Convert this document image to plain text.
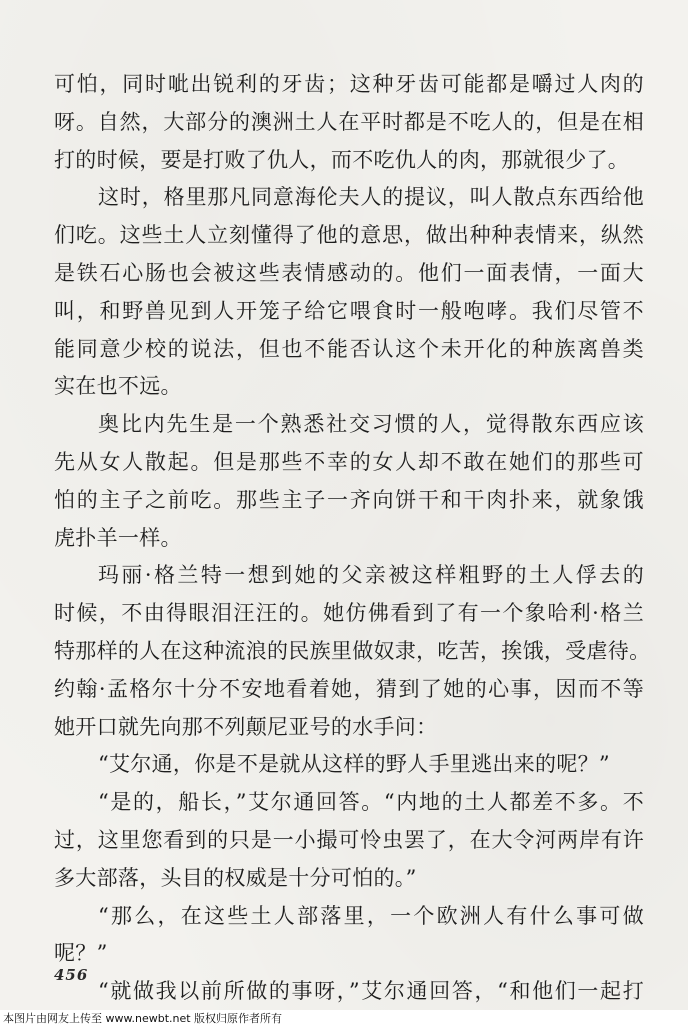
可怕，同时呲出锐利的牙齿；这种牙齿可能都是嚼过人肉的
呀。自然，大部分的澳洲土人在平时都是不吃人的，但是在相
打的时候，要是打败了仇人，而不吃仇人的肉，那就很少了。
这时，格里那凡同意海伦夫人的提议，叫人散点东西给他
们吃。这些土人立刻懂得了他的意思，做出种种表情来，纵然
是铁石心肠也会被这些表情感动的。他们一面表情，一面大
叫，和野兽见到人开笼子给它喂食时一般咆哮。我们尽管不
能同意少校的说法，但也不能否认这个未开化的种族离兽类
实在也不远。
奥比内先生是一个熟悉社交习惯的人，觉得散东西应该
先从女人散起。但是那些不幸的女人却不敢在她们的那些可
怕的主子之前吃。那些主子一齐向饼干和干肉扑来，就象饿
虎扑羊一样。
玛丽·格兰特一想到她的父亲被这样粗野的土人俘去的
时候，不由得眼泪汪汪的。她仿佛看到了有一个象哈利·格兰
特那样的人在这种流浪的民族里做奴隶，吃苦，挨饿，受虐待。
约翰·孟格尔十分不安地看着她，猜到了她的心事，因而不等
她开口就先向那不列颠尼亚号的水手问：
“艾尔通，你是不是就从这样的野人手里逃出来的呢？”
“是的，船长，”艾尔通回答。“内地的土人都差不多。不
过，这里您看到的只是一小撮可怜虫罢了，在大令河两岸有许
多大部落，头目的权威是十分可怕的。”
“那么，在这些土人部落里，一个欧洲人有什么事可做
呢？”
“就做我以前所做的事呀，”艾尔通回答，“和他们一起打
456
本图片由网友上传至 www.newbt.net 版权归原作者所有
